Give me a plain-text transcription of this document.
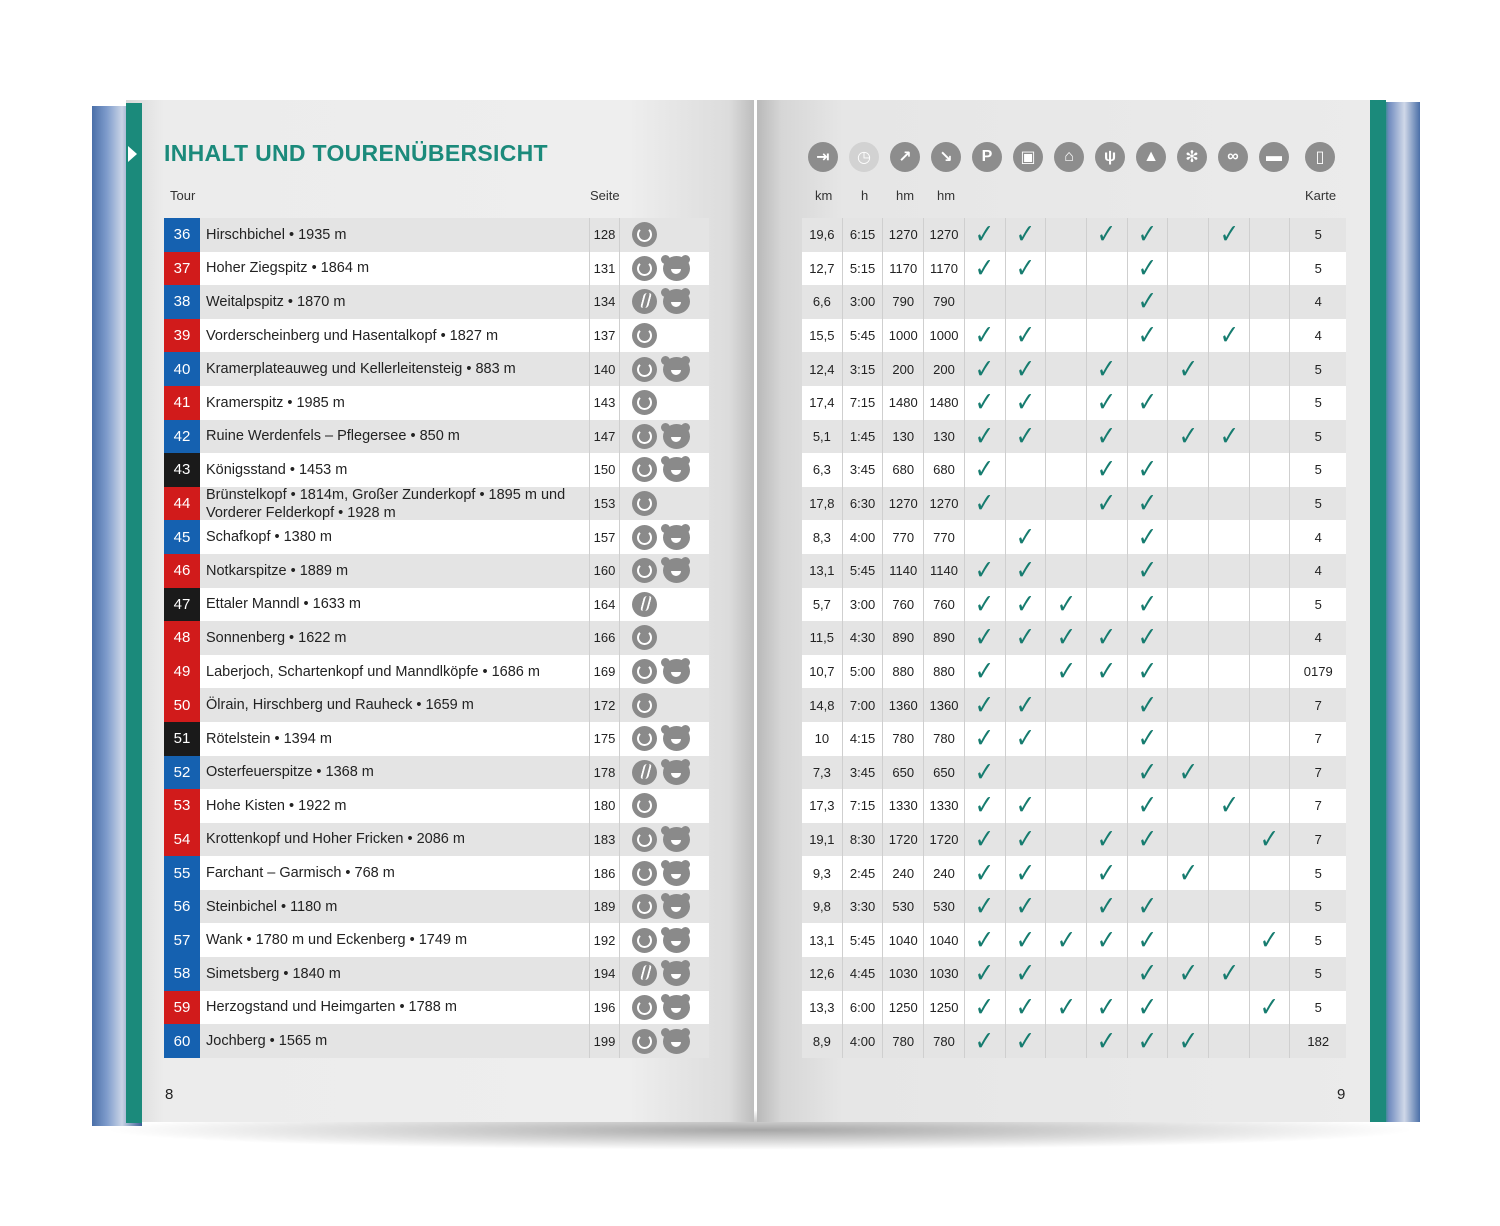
INHALT UND TOURENÜBERSICHT
Tour	Seite	km h hm hm	Karte
⇥	◷	↗	↘	P	▣	⌂	ψ	▲	✻	∞	▬	▯
36	Hirschbichel • 1935 m	128
37	Hoher Ziegspitz • 1864 m	131
38	Weitalpspitz • 1870 m	134
39	Vorderscheinberg und Hasentalkopf • 1827 m	137
40	Kramerplateauweg und Kellerleitensteig • 883 m	140
41	Kramerspitz • 1985 m	143
42	Ruine Werdenfels – Pflegersee • 850 m	147
43	Königsstand • 1453 m	150
44
Brünstelkopf • 1814m, Großer Zunderkopf • 1895 m und Vorderer Felderkopf • 1928 m
153
45	Schafkopf • 1380 m	157
46	Notkarspitze • 1889 m	160
47	Ettaler Manndl • 1633 m	164
48	Sonnenberg • 1622 m	166
49	Laberjoch, Schartenkopf und Manndlköpfe • 1686 m	169
50	Ölrain, Hirschberg und Rauheck • 1659 m	172
51	Rötelstein • 1394 m	175
52	Osterfeuerspitze • 1368 m	178
53	Hohe Kisten • 1922 m	180
54	Krottenkopf und Hoher Fricken • 2086 m	183
55	Farchant – Garmisch • 768 m	186
56	Steinbichel • 1180 m	189
57	Wank • 1780 m und Eckenberg • 1749 m	192
58	Simetsberg • 1840 m	194
59	Herzogstand und Heimgarten • 1788 m	196
60	Jochberg • 1565 m	199
19,6	6:15	1270 1270 ✓ ✓ ✓ ✓ ✓	5
12,7	5:15	1170 1170 ✓ ✓	✓	5
6,6	3:00	790	790	✓	4
15,5	5:45	1000 1000 ✓ ✓	✓ ✓	4
12,4	3:15	200	200 ✓ ✓ ✓ ✓	5
17,4	7:15	1480 1480 ✓ ✓ ✓ ✓	5
5,1	1:45	130	130 ✓ ✓ ✓ ✓ ✓	5
6,3	3:45	680	680 ✓	✓ ✓	5
17,8	6:30	1270 1270 ✓	✓ ✓	5
8,3	4:00	770	770	✓	✓	4
13,1	5:45	1140 1140 ✓ ✓	✓	4
5,7	3:00	760	760 ✓ ✓ ✓ ✓	5
11,5	4:30	890	890 ✓ ✓ ✓ ✓ ✓	4
10,7	5:00	880	880 ✓ ✓ ✓ ✓	0179
14,8	7:00	1360 1360 ✓ ✓	✓	7
10	4:15	780	780 ✓ ✓	✓	7
7,3	3:45	650	650 ✓	✓ ✓	7
17,3	7:15	1330 1330 ✓ ✓	✓ ✓	7
19,1	8:30	1720 1720 ✓ ✓ ✓ ✓	✓	7
9,3	2:45	240	240 ✓ ✓ ✓ ✓	5
9,8	3:30	530	530 ✓ ✓ ✓ ✓	5
13,1	5:45	1040 1040 ✓ ✓ ✓ ✓ ✓	✓	5
12,6	4:45	1030 1030 ✓ ✓	✓ ✓ ✓	5
13,3	6:00	1250 1250 ✓ ✓ ✓ ✓ ✓	✓	5
8,9	4:00	780	780 ✓ ✓ ✓ ✓ ✓	182
8	9
